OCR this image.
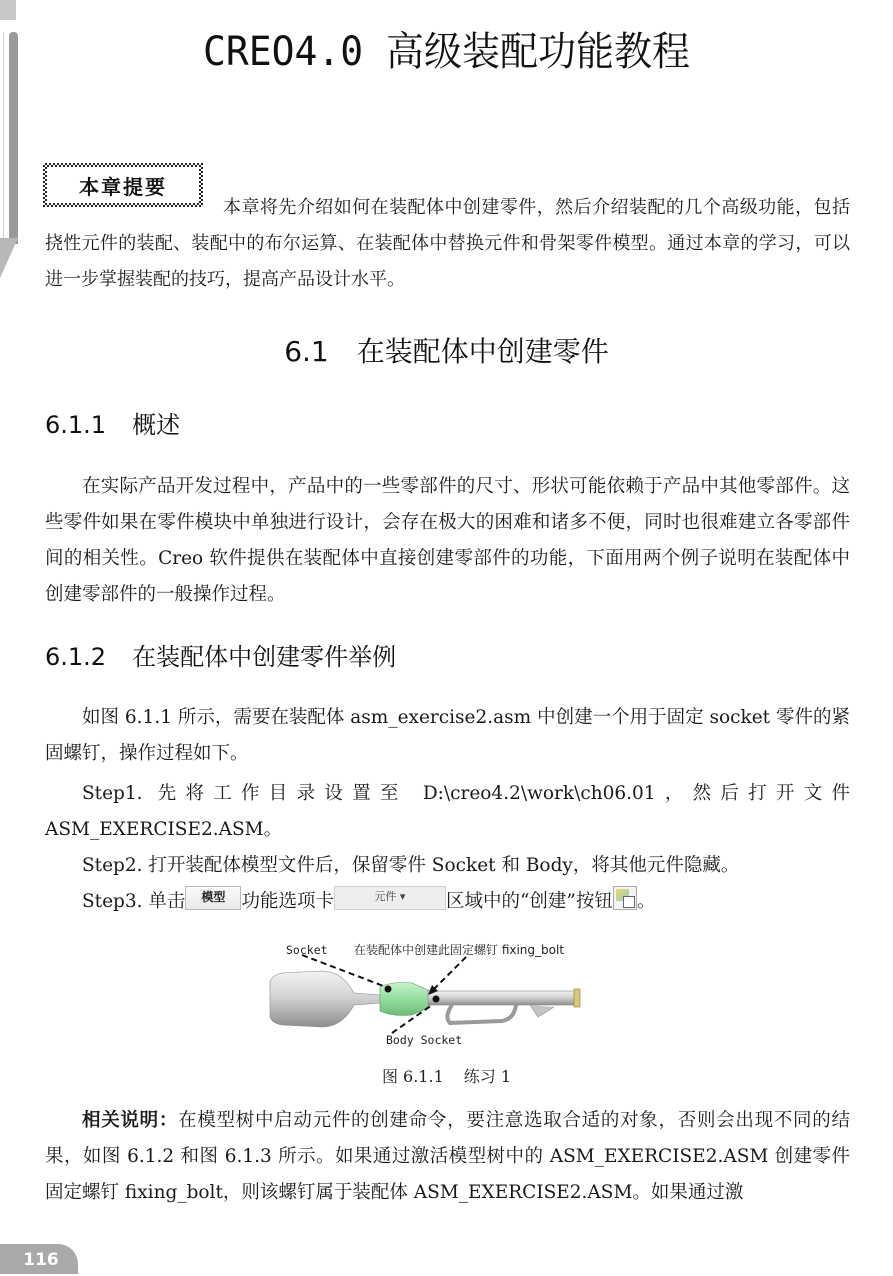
CREO4.0 高级装配功能教程
本章提要
本章将先介绍如何在装配体中创建零件，然后介绍装配的几个高级功能，包括挠性元件的装配、装配中的布尔运算、在装配体中替换元件和骨架零件模型。通过本章的学习，可以进一步掌握装配的技巧，提高产品设计水平。
6.1 在装配体中创建零件
6.1.1 概述
在实际产品开发过程中，产品中的一些零部件的尺寸、形状可能依赖于产品中其他零部件。这些零件如果在零件模块中单独进行设计，会存在极大的困难和诸多不便，同时也很难建立各零部件间的相关性。Creo 软件提供在装配体中直接创建零部件的功能，下面用两个例子说明在装配体中创建零部件的一般操作过程。
6.1.2 在装配体中创建零件举例
如图 6.1.1 所示，需要在装配体 asm_exercise2.asm 中创建一个用于固定 socket 零件的紧固螺钉，操作过程如下。
Step1. 先将工作目录设置至 D:\creo4.2\work\ch06.01，然后打开文件 ASM_EXERCISE2.ASM。
Step2. 打开装配体模型文件后，保留零件 Socket 和 Body，将其他元件隐藏。
Step3. 单击 模型 功能选项卡	元件 ▾ 区域中的“创建”按钮 。
Socket 在装配体中创建此固定螺钉 fixing_bolt
Body Socket
图 6.1.1 练习 1
相关说明：在模型树中启动元件的创建命令，要注意选取合适的对象，否则会出现不同的结果，如图 6.1.2 和图 6.1.3 所示。如果通过激活模型树中的 ASM_EXERCISE2.ASM 创建零件固定螺钉 fixing_bolt，则该螺钉属于装配体 ASM_EXERCISE2.ASM。如果通过激
116
